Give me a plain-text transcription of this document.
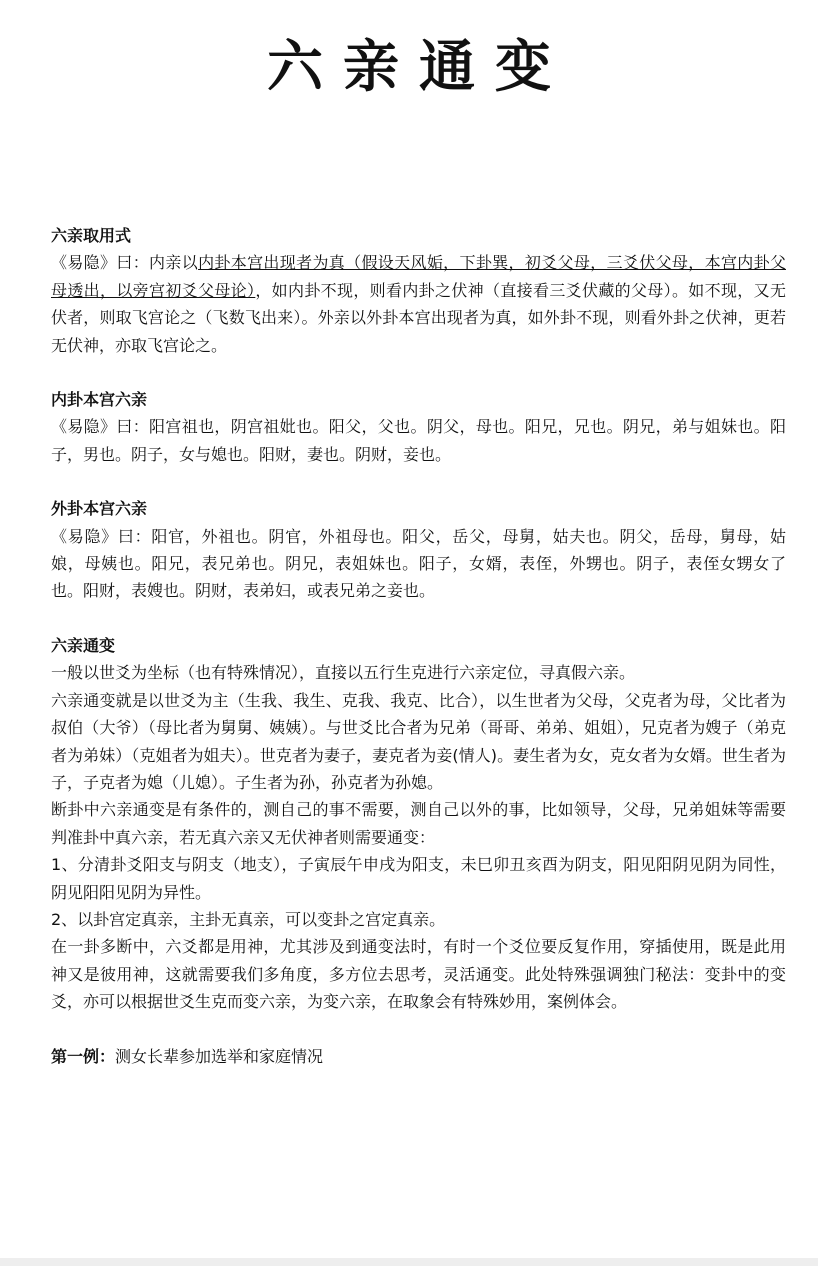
六亲通变

六亲取用式

《易隐》曰：内亲以内卦本宫出现者为真（假设天风姤，下卦巽，初爻父母，三爻伏父母，本宫内卦父母透出，以旁宫初爻父母论），如内卦不现，则看内卦之伏神（直接看三爻伏藏的父母）。如不现，又无伏者，则取飞宫论之（飞数飞出来）。外亲以外卦本宫出现者为真，如外卦不现，则看外卦之伏神，更若无伏神，亦取飞宫论之。

内卦本宫六亲

《易隐》曰：阳宫祖也，阴宫祖妣也。阳父，父也。阴父，母也。阳兄，兄也。阴兄，弟与姐妹也。阳子，男也。阴子，女与媳也。阳财，妻也。阴财，妾也。

外卦本宫六亲

《易隐》曰：阳官，外祖也。阴官，外祖母也。阳父，岳父，母舅，姑夫也。阴父，岳母，舅母，姑娘，母姨也。阳兄，表兄弟也。阴兄，表姐妹也。阳子，女婿，表侄，外甥也。阴子，表侄女甥女了也。阳财，表嫂也。阴财，表弟妇，或表兄弟之妾也。

六亲通变

一般以世爻为坐标（也有特殊情况），直接以五行生克进行六亲定位，寻真假六亲。

六亲通变就是以世爻为主（生我、我生、克我、我克、比合），以生世者为父母，父克者为母，父比者为叔伯（大爷）（母比者为舅舅、姨姨）。与世爻比合者为兄弟（哥哥、弟弟、姐姐），兄克者为嫂子（弟克者为弟妹）（克姐者为姐夫）。世克者为妻子，妻克者为妾(情人)。妻生者为女，克女者为女婿。世生者为子，子克者为媳（儿媳）。子生者为孙，孙克者为孙媳。

断卦中六亲通变是有条件的，测自己的事不需要，测自己以外的事，比如领导，父母，兄弟姐妹等需要判准卦中真六亲，若无真六亲又无伏神者则需要通变：

1、分清卦爻阳支与阴支（地支），子寅辰午申戌为阳支，未巳卯丑亥酉为阴支，阳见阳阴见阴为同性，阴见阳阳见阴为异性。

2、以卦宫定真亲，主卦无真亲，可以变卦之宫定真亲。

在一卦多断中，六爻都是用神，尤其涉及到通变法时，有时一个爻位要反复作用，穿插使用，既是此用神又是彼用神，这就需要我们多角度，多方位去思考，灵活通变。此处特殊强调独门秘法：变卦中的变爻，亦可以根据世爻生克而变六亲，为变六亲，在取象会有特殊妙用，案例体会。

第一例：测女长辈参加选举和家庭情况
